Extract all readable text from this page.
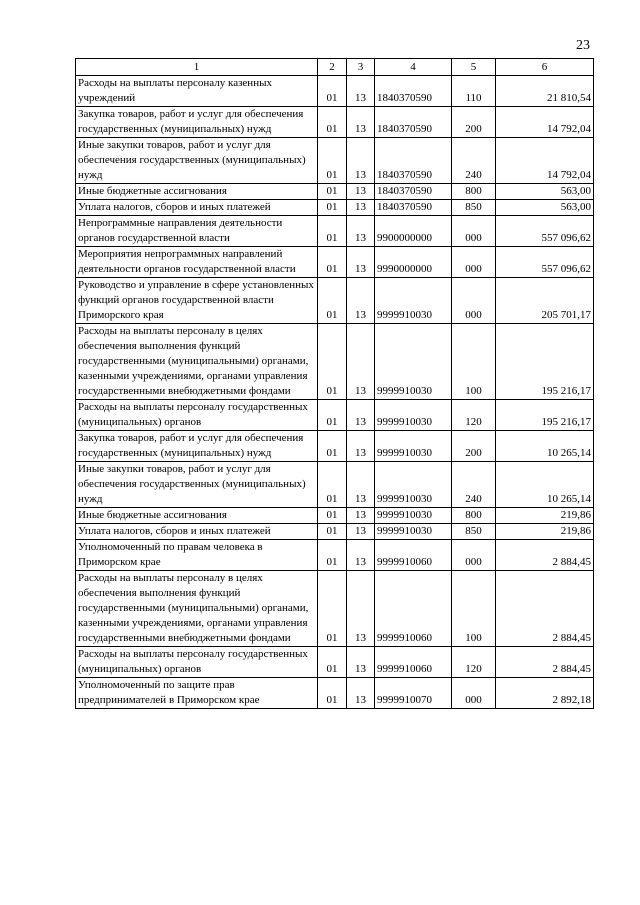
23
1	2	3	4	5	6
Расходы на выплаты персоналу казенных учреждений	01	13	1840370590	110	21 810,54
Закупка товаров, работ и услуг для обеспечения государственных (муниципальных) нужд	01	13	1840370590	200	14 792,04
Иные закупки товаров, работ и услуг для обеспечения государственных (муниципальных) нужд	01	13	1840370590	240	14 792,04
Иные бюджетные ассигнования	01	13	1840370590	800	563,00
Уплата налогов, сборов и иных платежей	01	13	1840370590	850	563,00
Непрограммные направления деятельности органов государственной власти	01	13	9900000000	000	557 096,62
Мероприятия непрограммных направлений деятельности органов государственной власти	01	13	9990000000	000	557 096,62
Руководство и управление в сфере установленных функций органов государственной власти Приморского края	01	13	9999910030	000	205 701,17
Расходы на выплаты персоналу в целях обеспечения выполнения функций государственными (муниципальными) органами, казенными учреждениями, органами управления государственными внебюджетными фондами	01	13	9999910030	100	195 216,17
Расходы на выплаты персоналу государственных (муниципальных) органов	01	13	9999910030	120	195 216,17
Закупка товаров, работ и услуг для обеспечения государственных (муниципальных) нужд	01	13	9999910030	200	10 265,14
Иные закупки товаров, работ и услуг для обеспечения государственных (муниципальных) нужд	01	13	9999910030	240	10 265,14
Иные бюджетные ассигнования	01	13	9999910030	800	219,86
Уплата налогов, сборов и иных платежей	01	13	9999910030	850	219,86
Уполномоченный по правам человека в Приморском крае	01	13	9999910060	000	2 884,45
Расходы на выплаты персоналу в целях обеспечения выполнения функций государственными (муниципальными) органами, казенными учреждениями, органами управления государственными внебюджетными фондами	01	13	9999910060	100	2 884,45
Расходы на выплаты персоналу государственных (муниципальных) органов	01	13	9999910060	120	2 884,45
Уполномоченный по защите прав предпринимателей в Приморском крае	01	13	9999910070	000	2 892,18
